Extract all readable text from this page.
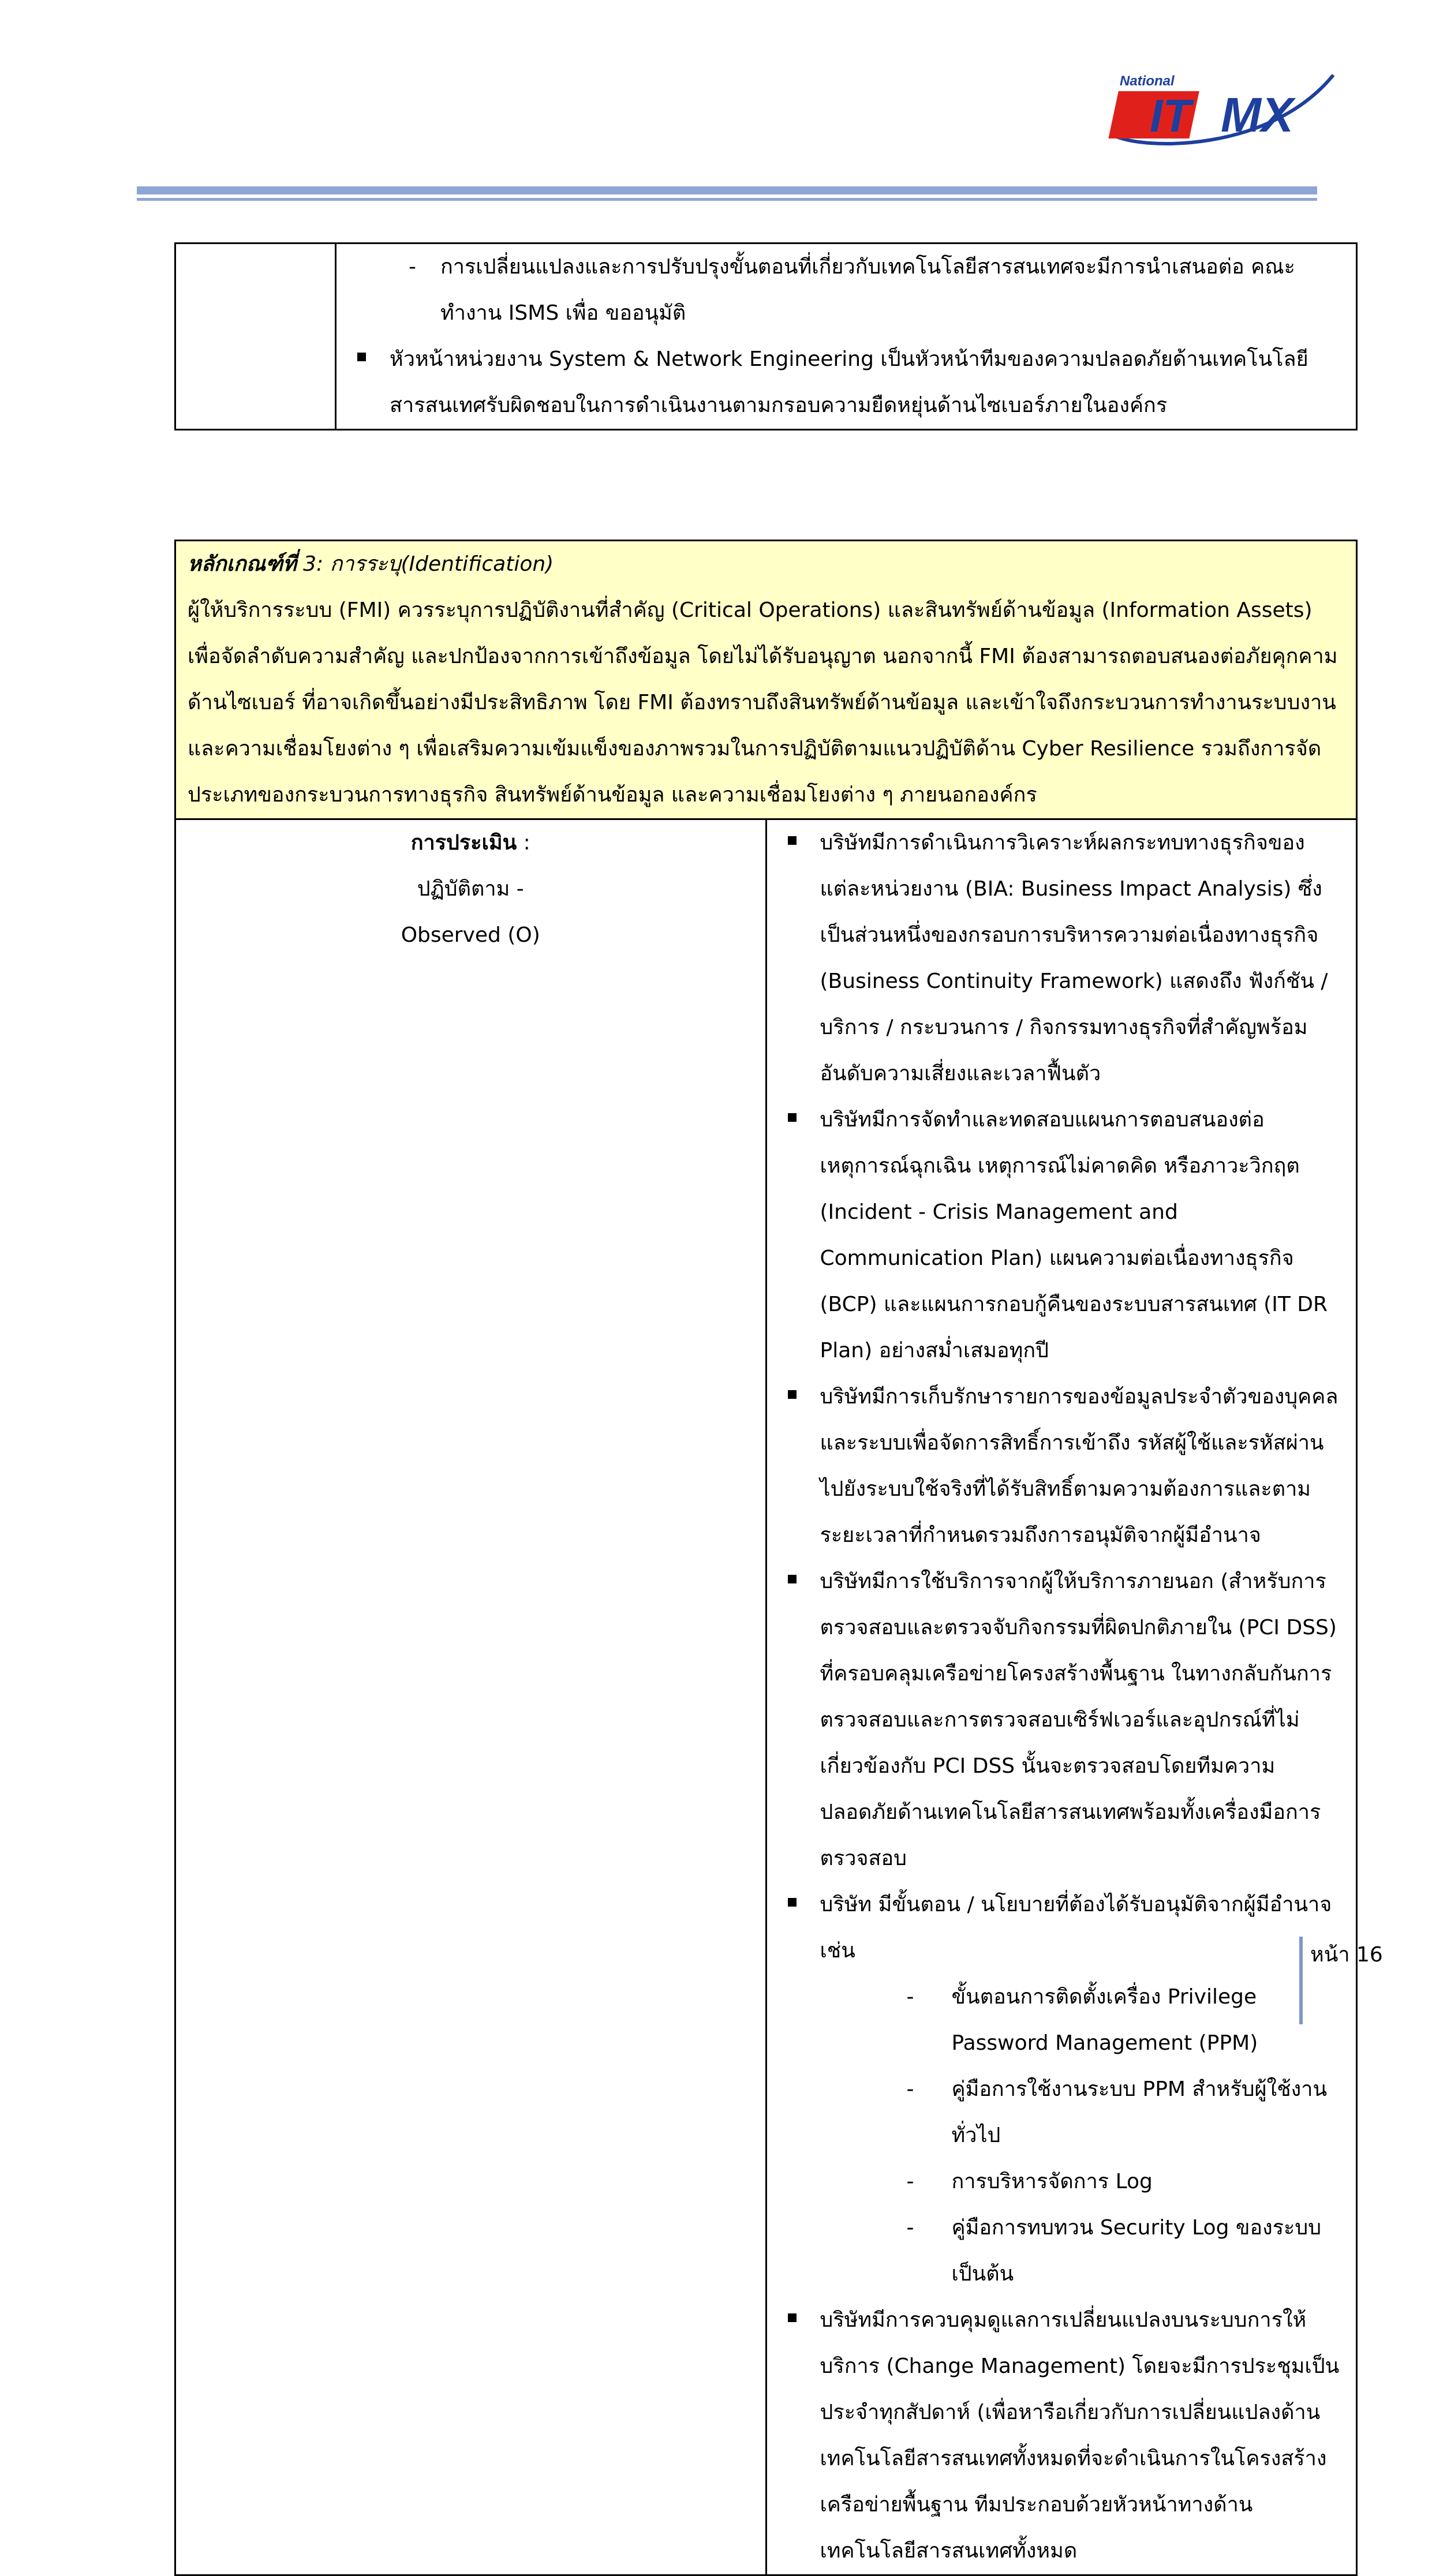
National
IT MX

- การเปลี่ยนแปลงและการปรับปรุงขั้นตอนที่เกี่ยวกับเทคโนโลยีสารสนเทศจะมีการนำเสนอต่อ คณะทำงาน ISMS เพื่อ ขออนุมัติ
หัวหน้าหน่วยงาน System & Network Engineering เป็นหัวหน้าทีมของความปลอดภัยด้านเทคโนโลยีสารสนเทศรับผิดชอบในการดำเนินงานตามกรอบความยืดหยุ่นด้านไซเบอร์ภายในองค์กร
หลักเกณฑ์ที่ 3: การระบุ(Identification)
ผู้ให้บริการระบบ (FMI) ควรระบุการปฏิบัติงานที่สำคัญ (Critical Operations) และสินทรัพย์ด้านข้อมูล (Information Assets) เพื่อจัดลำดับความสำคัญ และปกป้องจากการเข้าถึงข้อมูล โดยไม่ได้รับอนุญาต นอกจากนี้ FMI ต้องสามารถตอบสนองต่อภัยคุกคามด้านไซเบอร์ ที่อาจเกิดขึ้นอย่างมีประสิทธิภาพ โดย FMI ต้องทราบถึงสินทรัพย์ด้านข้อมูล และเข้าใจถึงกระบวนการทำงานระบบงาน และความเชื่อมโยงต่าง ๆ เพื่อเสริมความเข้มแข็งของภาพรวมในการปฏิบัติตามแนวปฏิบัติด้าน Cyber Resilience รวมถึงการจัดประเภทของกระบวนการทางธุรกิจ สินทรัพย์ด้านข้อมูล และความเชื่อมโยงต่าง ๆ ภายนอกองค์กร

การประเมิน :
ปฏิบัติตาม -
Observed (O)

บริษัทมีการดำเนินการวิเคราะห์ผลกระทบทางธุรกิจของแต่ละหน่วยงาน (BIA: Business Impact Analysis) ซึ่งเป็นส่วนหนึ่งของกรอบการบริหารความต่อเนื่องทางธุรกิจ (Business Continuity Framework) แสดงถึง ฟังก์ชัน / บริการ / กระบวนการ / กิจกรรมทางธุรกิจที่สำคัญพร้อมอันดับความเสี่ยงและเวลาฟื้นตัว
บริษัทมีการจัดทำและทดสอบแผนการตอบสนองต่อเหตุการณ์ฉุกเฉิน เหตุการณ์ไม่คาดคิด หรือภาวะวิกฤต (Incident - Crisis Management and Communication Plan) แผนความต่อเนื่องทางธุรกิจ (BCP) และแผนการกอบกู้คืนของระบบสารสนเทศ (IT DR Plan) อย่างสม่ำเสมอทุกปี
บริษัทมีการเก็บรักษารายการของข้อมูลประจำตัวของบุคคลและระบบเพื่อจัดการสิทธิ์การเข้าถึง รหัสผู้ใช้และรหัสผ่านไปยังระบบใช้จริงที่ได้รับสิทธิ์ตามความต้องการและตามระยะเวลาที่กำหนดรวมถึงการอนุมัติจากผู้มีอำนาจ
บริษัทมีการใช้บริการจากผู้ให้บริการภายนอก (สำหรับการตรวจสอบและตรวจจับกิจกรรมที่ผิดปกติภายใน (PCI DSS) ที่ครอบคลุมเครือข่ายโครงสร้างพื้นฐาน ในทางกลับกันการตรวจสอบและการตรวจสอบเซิร์ฟเวอร์และอุปกรณ์ที่ไม่เกี่ยวข้องกับ PCI DSS นั้นจะตรวจสอบโดยทีมความปลอดภัยด้านเทคโนโลยีสารสนเทศพร้อมทั้งเครื่องมือการตรวจสอบ
บริษัท มีขั้นตอน / นโยบายที่ต้องได้รับอนุมัติจากผู้มีอำนาจเช่น
- ขั้นตอนการติดตั้งเครื่อง Privilege Password Management (PPM)
- คู่มือการใช้งานระบบ PPM สำหรับผู้ใช้งานทั่วไป
- การบริหารจัดการ Log
- คู่มือการทบทวน Security Log ของระบบ เป็นต้น
บริษัทมีการควบคุมดูแลการเปลี่ยนแปลงบนระบบการให้บริการ (Change Management) โดยจะมีการประชุมเป็นประจำทุกสัปดาห์ (เพื่อหารือเกี่ยวกับการเปลี่ยนแปลงด้านเทคโนโลยีสารสนเทศทั้งหมดที่จะดำเนินการในโครงสร้างเครือข่ายพื้นฐาน ทีมประกอบด้วยหัวหน้าทางด้านเทคโนโลยีสารสนเทศทั้งหมด
หน้า 16
